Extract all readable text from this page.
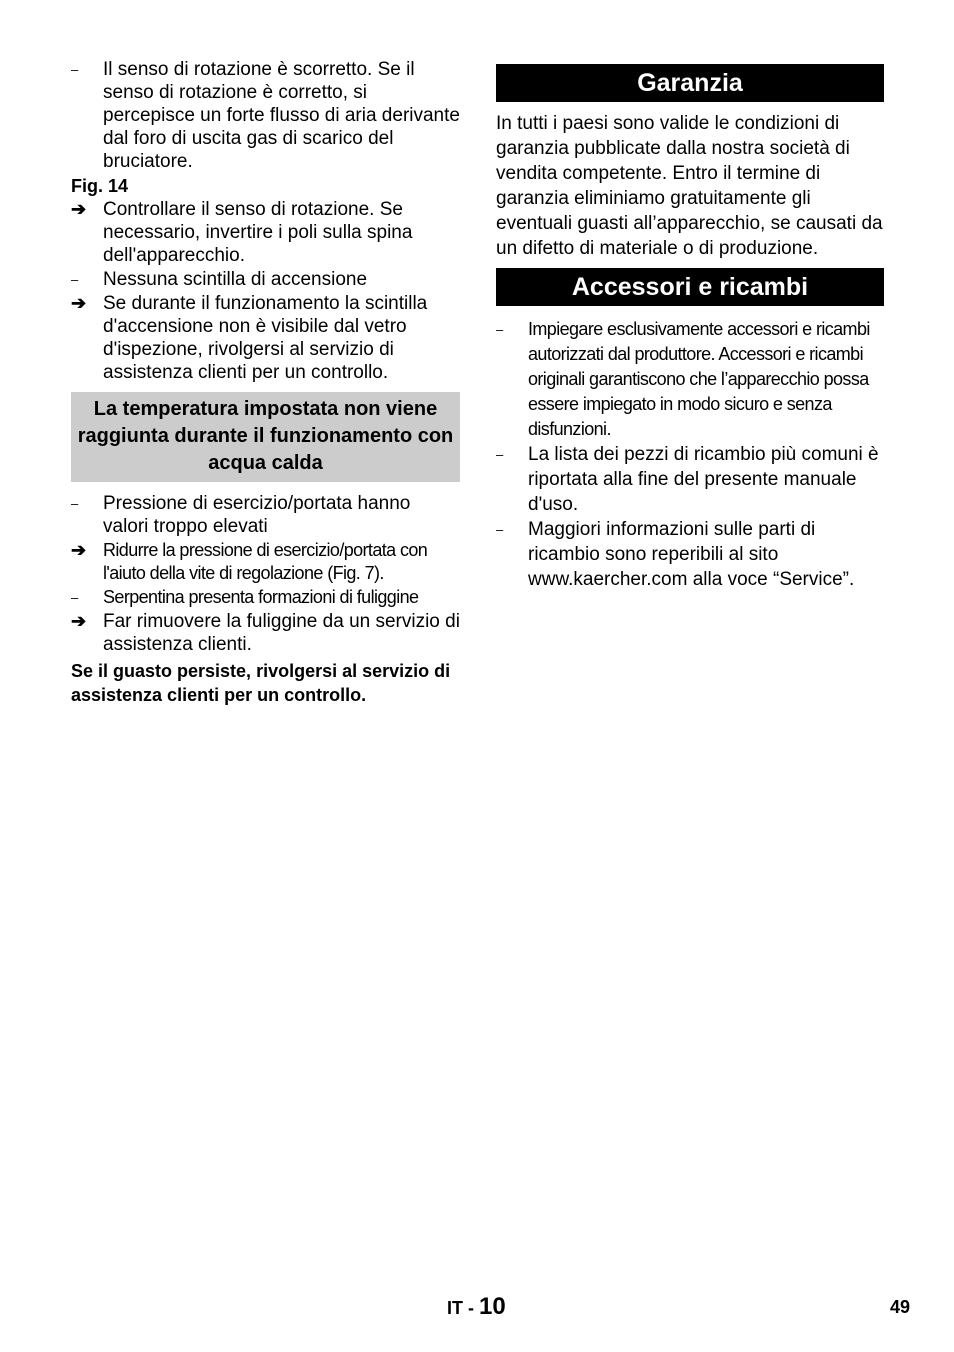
–	Il senso di rotazione è scorretto. Se il senso di rotazione è corretto, si percepisce un forte flusso di aria derivante dal foro di uscita gas di scarico del bruciatore.
Fig. 14
➔ Controllare il senso di rotazione. Se necessario, invertire i poli sulla spina dell'apparecchio.
–	Nessuna scintilla di accensione
➔ Se durante il funzionamento la scintilla d'accensione non è visibile dal vetro d'ispezione, rivolgersi al servizio di assistenza clienti per un controllo.
La temperatura impostata non viene raggiunta durante il funzionamento con acqua calda
–	Pressione di esercizio/portata hanno valori troppo elevati
➔ Ridurre la pressione di esercizio/portata con l'aiuto della vite di regolazione (Fig. 7).
–	Serpentina presenta formazioni di fuliggine
➔ Far rimuovere la fuliggine da un servizio di assistenza clienti.
Se il guasto persiste, rivolgersi al servizio di assistenza clienti per un controllo.
Garanzia
In tutti i paesi sono valide le condizioni di garanzia pubblicate dalla nostra società di vendita competente. Entro il termine di garanzia eliminiamo gratuitamente gli eventuali guasti all’apparecchio, se causati da un difetto di materiale o di produzione.
Accessori e ricambi
–	Impiegare esclusivamente accessori e ricambi autorizzati dal produttore. Accessori e ricambi originali garantiscono che l’apparecchio possa essere impiegato in modo sicuro e senza disfunzioni.
–	La lista dei pezzi di ricambio più comuni è riportata alla fine del presente manuale d'uso.
–	Maggiori informazioni sulle parti di ricambio sono reperibili al sito www.kaercher.com alla voce “Service”.
IT - 10	49
